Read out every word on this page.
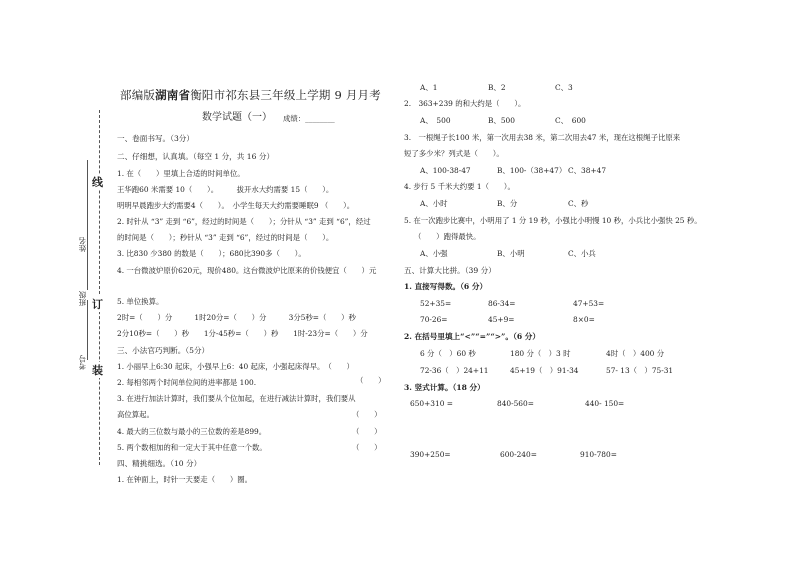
线
订
装
班级
姓名
考号
部编版湖南省衡阳市祁东县三年级上学期 9 月月考
数学试题（一） 成绩：________
一、卷面书写。（3分）
二、仔细想，认真填。（每空 1 分，共 16 分）
1. 在（　　）里填上合适的时间单位。
王华跑60 米需要 10（　　）。　　　拔开水大约需要 15（　　）。
明明早晨跑步大约需要4（　　）。　小学生每天大约需要睡眠9 （　　）。
2. 时针从 “3” 走到 “6”，经过的时间是（　　）；分针从 “3” 走到 “6”，经过
的时间是（　　）；秒针从 “3” 走到 “6”，经过的时间是（　　）。
3. 比830 少380 的数是（　　）；680比390多（　　）。
4. 一台微波炉原价620元，现价480。这台微波炉比原来的价钱便宜（　　）元
5. 单位换算。
2时=（　　）分　　　1时20分=（　　）分　　　3分5秒=（　　）秒
2分10秒=（　　）秒　　1分-45秒=（　　）秒　　1时-23分=（　　）分
三、小法官巧判断。（5分）
1. 小丽早上6:30 起床，小强早上6：40 起床，小强起床得早。　（　　）
2. 每相邻两个时间单位间的进率都是 100.	（　　）
3. 在进行加法计算时，我们要从个位加起，在进行减法计算时，我们要从
高位算起。	（　　）
4. 最大的三位数与最小的三位数的差是899。	（　　）
5. 两个数相加的和一定大于其中任意一个数。	（　　）
四、精挑细选。（10 分）
1. 在钟面上，时针一天要走（　　）圈。
A、1	B、2	C、3
2.　363+239 的和大约是（　　）。
A、　500	B、500	C、　600
3.　一根绳子长100 米，第一次用去38 米，第二次用去47 米，现在这根绳子比原来
短了多少米？列式是（　　）。
A、100-38-47	B、100-（38+47） C、38+47
4. 步行 5 千米大约要 1（　　）。
A、小时	B、分	C、秒
5. 在一次跑步比赛中，小明用了 1 分 19 秒，小强比小明慢 10 秒，小兵比小强快 25 秒。
（　　）跑得最快。
A、小强	B、小明	C、小兵
五、计算大比拼。（39 分）
1. 直接写得数。（6 分）
52+35=	86-34=	47+53=
70-26=	45+9=	8×0=
2. 在括号里填上“<”“=”“>”。（6 分）
6 分（　）60 秒	180 分（　）3 时	4时（　）400 分
72-36（　）24+11	45+19（　）91-34	57- 13（　）75-31
3. 竖式计算。（18 分）
650+310 =	840-560=	440- 150=
390+250=	600-240=	910-780=
